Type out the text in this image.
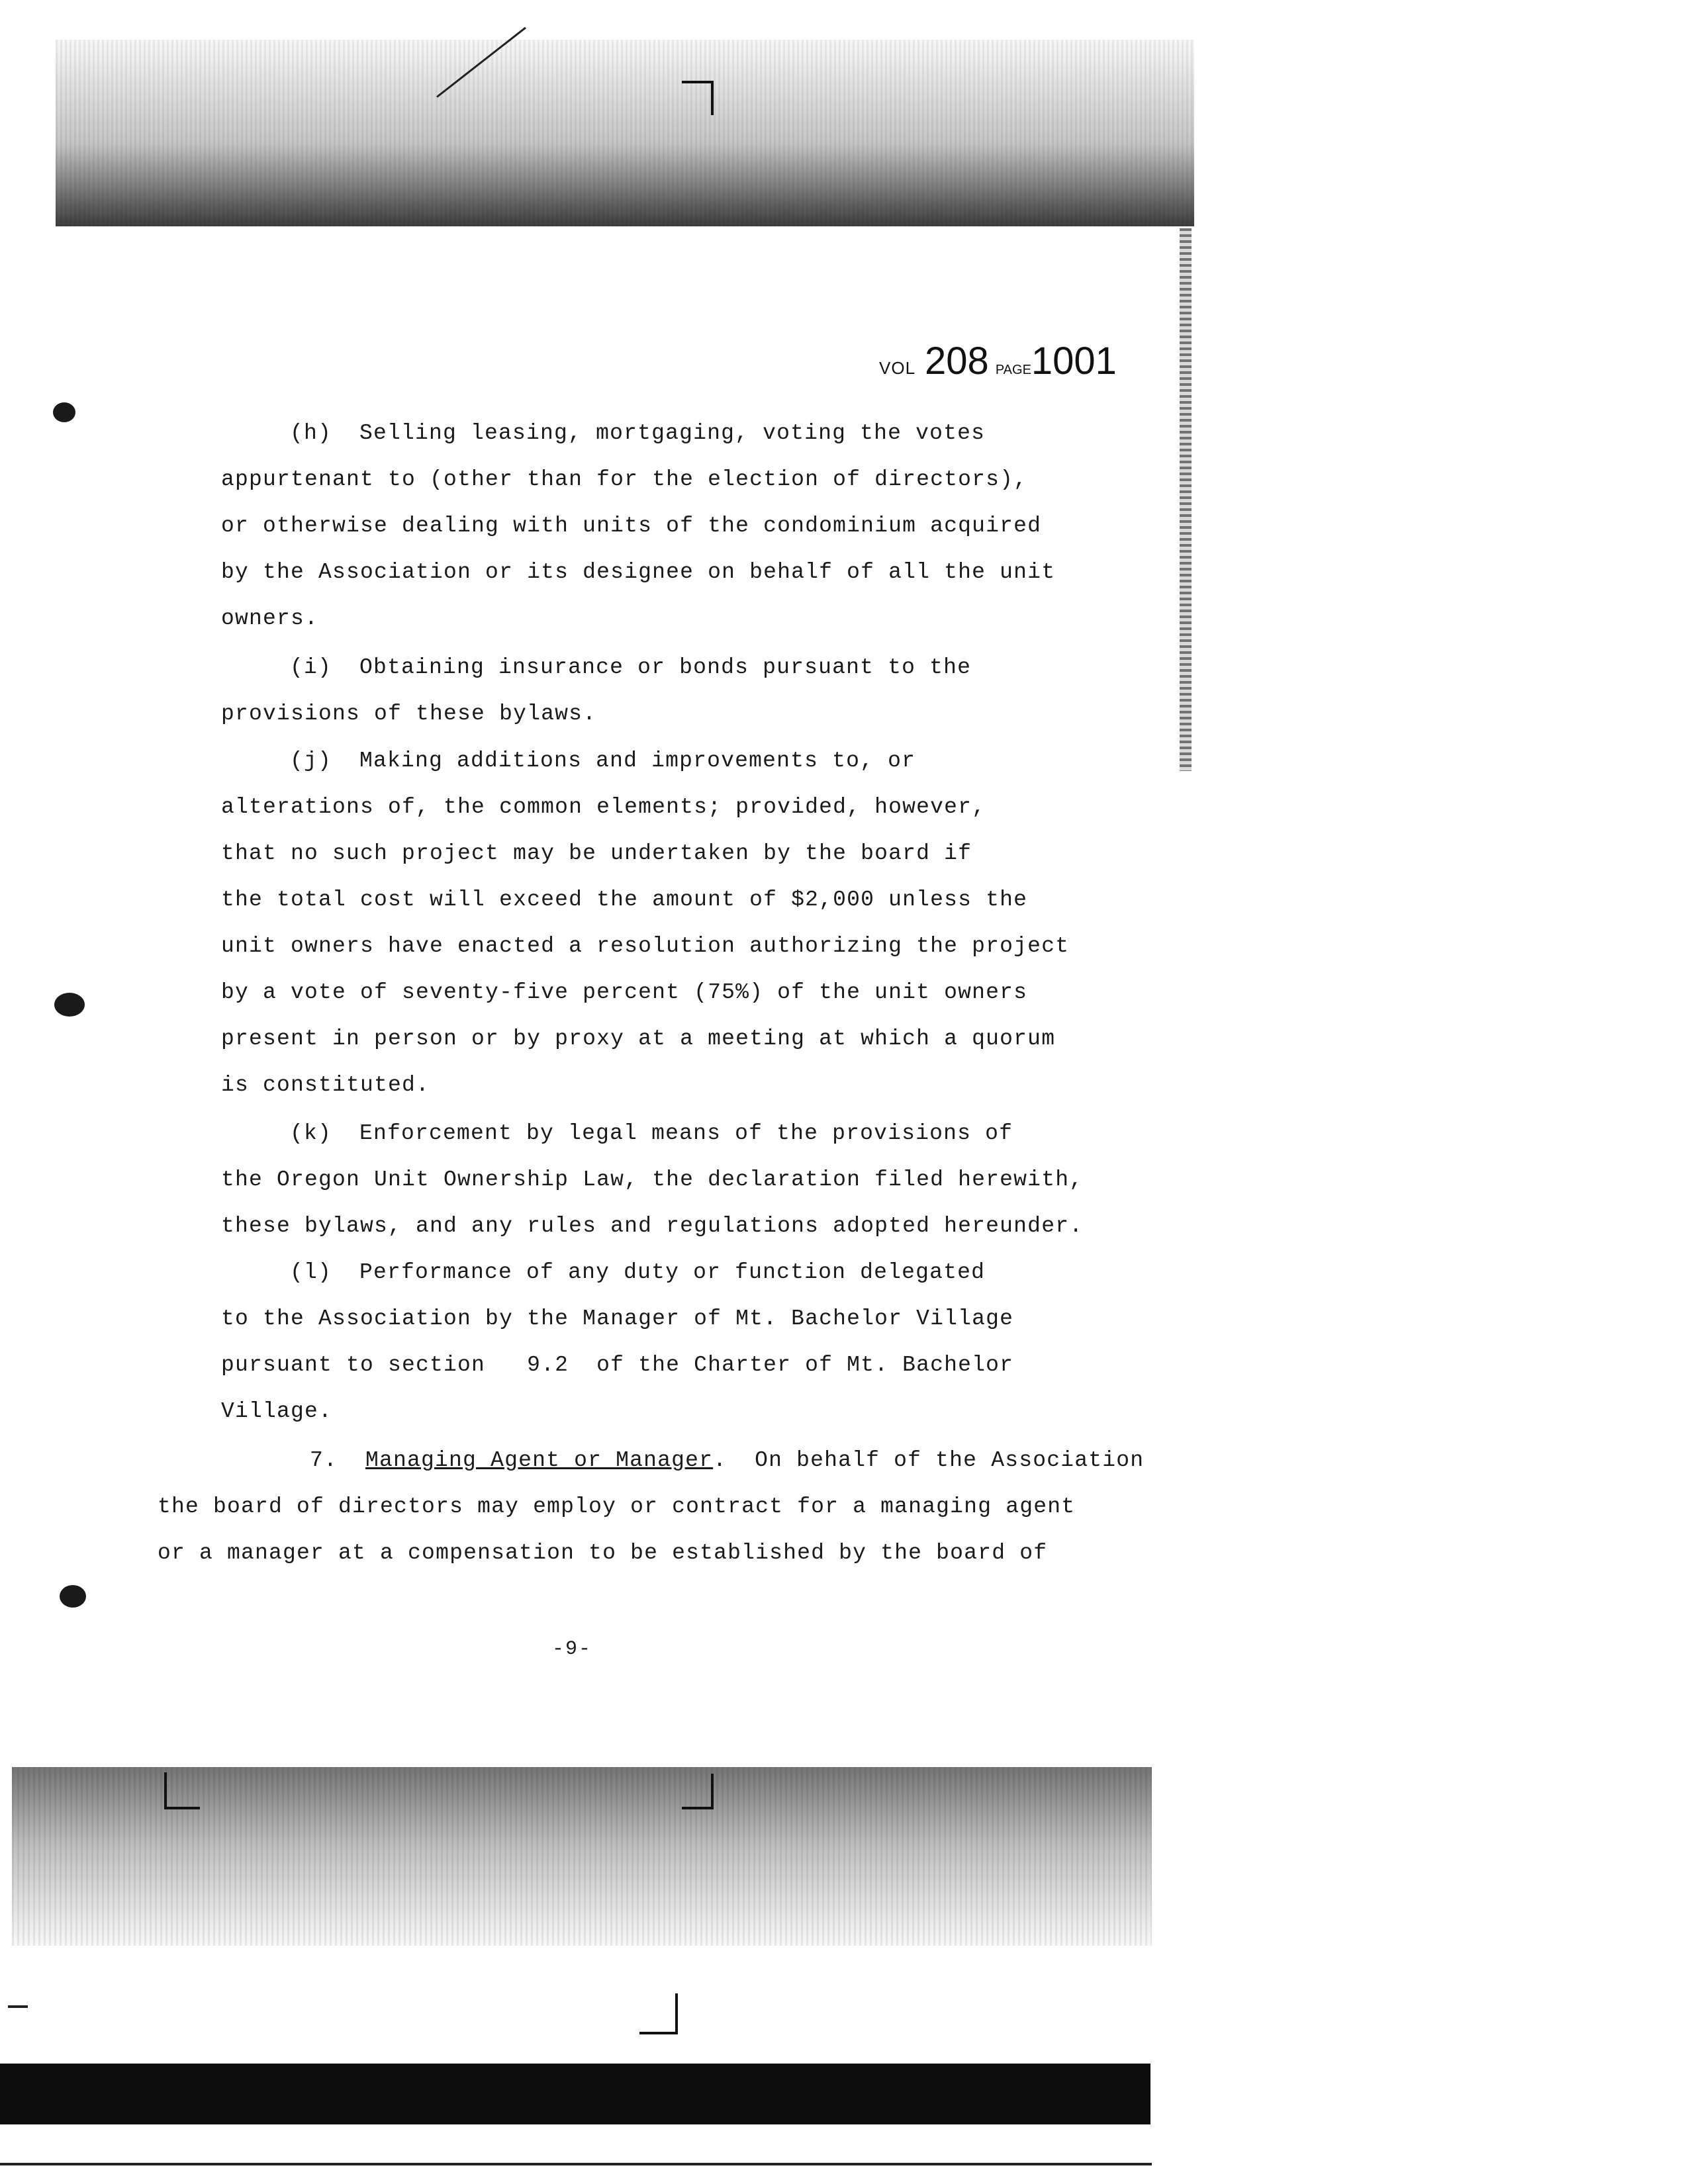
VOL 208 PAGE1001
(h)  Selling leasing, mortgaging, voting the votes
appurtenant to (other than for the election of directors),
or otherwise dealing with units of the condominium acquired
by the Association or its designee on behalf of all the unit
owners.
(i)  Obtaining insurance or bonds pursuant to the
provisions of these bylaws.
(j)  Making additions and improvements to, or
alterations of, the common elements; provided, however,
that no such project may be undertaken by the board if
the total cost will exceed the amount of $2,000 unless the
unit owners have enacted a resolution authorizing the project
by a vote of seventy-five percent (75%) of the unit owners
present in person or by proxy at a meeting at which a quorum
is constituted.
(k)  Enforcement by legal means of the provisions of
the Oregon Unit Ownership Law, the declaration filed herewith,
these bylaws, and any rules and regulations adopted hereunder.
(l)  Performance of any duty or function delegated
to the Association by the Manager of Mt. Bachelor Village
pursuant to section   9.2  of the Charter of Mt. Bachelor
Village.
7. Managing Agent or Manager.  On behalf of the Association
the board of directors may employ or contract for a managing agent
or a manager at a compensation to be established by the board of
-9-
